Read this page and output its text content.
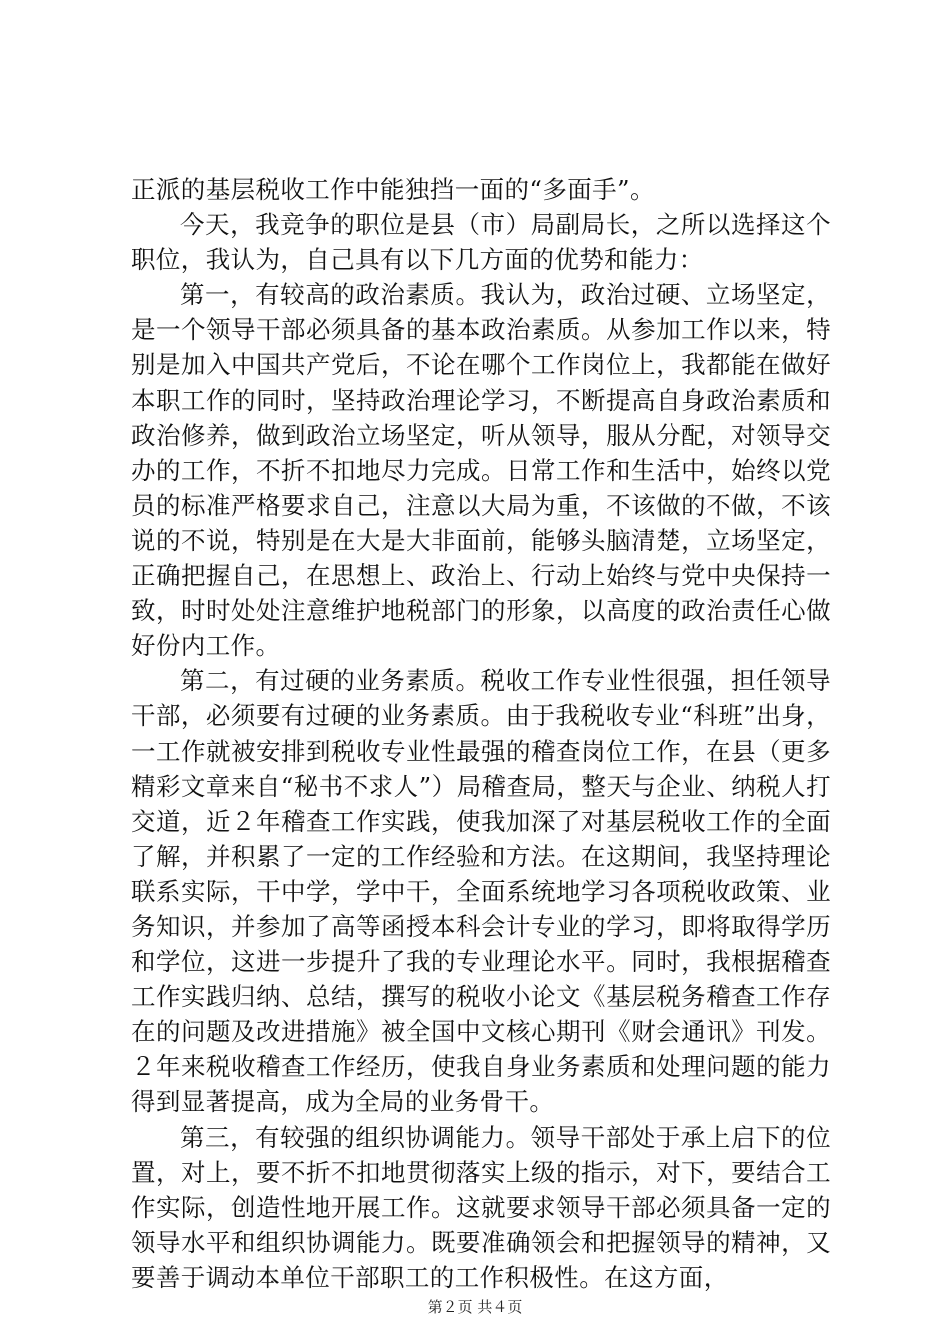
正派的基层税收工作中能独挡一面的“多面手”。

今天，我竞争的职位是县（市）局副局长，之所以选择这个职位，我认为，自己具有以下几方面的优势和能力：

第一，有较高的政治素质。我认为，政治过硬、立场坚定，是一个领导干部必须具备的基本政治素质。从参加工作以来，特别是加入中国共产党后，不论在哪个工作岗位上，我都能在做好本职工作的同时，坚持政治理论学习，不断提高自身政治素质和政治修养，做到政治立场坚定，听从领导，服从分配，对领导交办的工作，不折不扣地尽力完成。日常工作和生活中，始终以党员的标准严格要求自己，注意以大局为重，不该做的不做，不该说的不说，特别是在大是大非面前，能够头脑清楚，立场坚定，正确把握自己，在思想上、政治上、行动上始终与党中央保持一致，时时处处注意维护地税部门的形象，以高度的政治责任心做好份内工作。

第二，有过硬的业务素质。税收工作专业性很强，担任领导干部，必须要有过硬的业务素质。由于我税收专业“科班”出身，一工作就被安排到税收专业性最强的稽查岗位工作，在县（更多精彩文章来自“秘书不求人”）局稽查局，整天与企业、纳税人打交道，近２年稽查工作实践，使我加深了对基层税收工作的全面了解，并积累了一定的工作经验和方法。在这期间，我坚持理论联系实际，干中学，学中干，全面系统地学习各项税收政策、业务知识，并参加了高等函授本科会计专业的学习，即将取得学历和学位，这进一步提升了我的专业理论水平。同时，我根据稽查工作实践归纳、总结，撰写的税收小论文《基层税务稽查工作存在的问题及改进措施》被全国中文核心期刊《财会通讯》刊发。２年来税收稽查工作经历，使我自身业务素质和处理问题的能力得到显著提高，成为全局的业务骨干。

第三，有较强的组织协调能力。领导干部处于承上启下的位置，对上，要不折不扣地贯彻落实上级的指示，对下，要结合工作实际，创造性地开展工作。这就要求领导干部必须具备一定的领导水平和组织协调能力。既要准确领会和把握领导的精神，又要善于调动本单位干部职工的工作积极性。在这方面，

第２页 共４页
